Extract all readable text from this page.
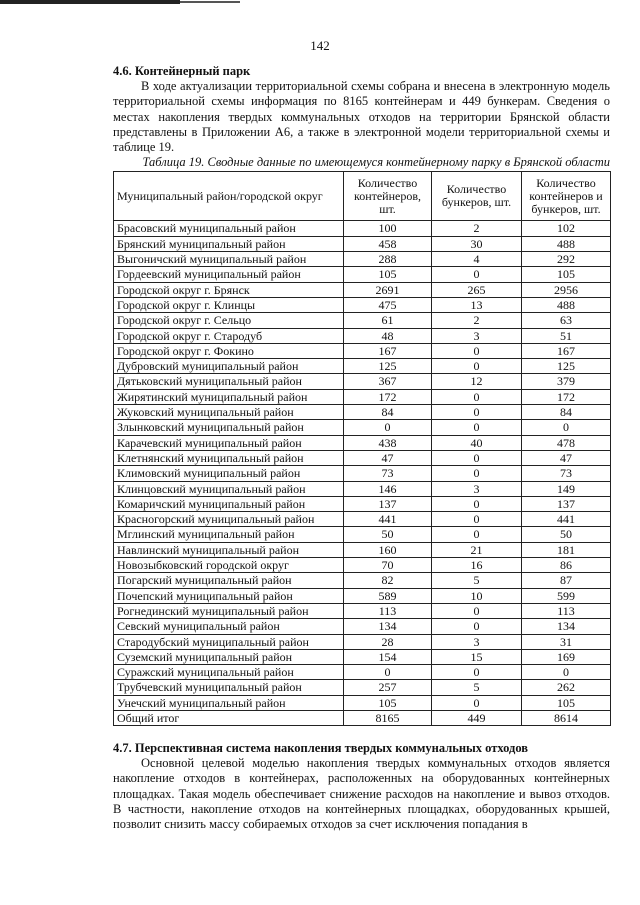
142
4.6. Контейнерный парк

В ходе актуализации территориальной схемы собрана и внесена в электронную модель территориальной схемы информация по 8165 контейнерам и 449 бункерам. Сведения о местах накопления твердых коммунальных отходов на территории Брянской области представлены в Приложении А6, а также в электронной модели территориальной схемы и таблице 19.

Таблица 19. Сводные данные по имеющемуся контейнерному парку в Брянской области

Муниципальный район/городской округ	Количество контейнеров, шт.	Количество бункеров, шт.	Количество контейнеров и бункеров, шт.
Брасовский муниципальный район	100	2	102
Брянский муниципальный район	458	30	488
Выгоничский муниципальный район	288	4	292
Гордеевский муниципальный район	105	0	105
Городской округ г. Брянск	2691	265	2956
Городской округ г. Клинцы	475	13	488
Городской округ г. Сельцо	61	2	63
Городской округ г. Стародуб	48	3	51
Городской округ г. Фокино	167	0	167
Дубровский муниципальный район	125	0	125
Дятьковский муниципальный район	367	12	379
Жирятинский муниципальный район	172	0	172
Жуковский муниципальный район	84	0	84
Злынковский муниципальный район	0	0	0
Карачевский муниципальный район	438	40	478
Клетнянский муниципальный район	47	0	47
Климовский муниципальный район	73	0	73
Клинцовский муниципальный район	146	3	149
Комаричский муниципальный район	137	0	137
Красногорский муниципальный район	441	0	441
Мглинский муниципальный район	50	0	50
Навлинский муниципальный район	160	21	181
Новозыбковский городской округ	70	16	86
Погарский муниципальный район	82	5	87
Почепский муниципальный район	589	10	599
Рогнединский муниципальный район	113	0	113
Севский муниципальный район	134	0	134
Стародубский муниципальный район	28	3	31
Суземский муниципальный район	154	15	169
Суражский муниципальный район	0	0	0
Трубчевский муниципальный район	257	5	262
Унечский муниципальный район	105	0	105
Общий итог	8165	449	8614
4.7. Перспективная система накопления твердых коммунальных отходов

Основной целевой моделью накопления твердых коммунальных отходов является накопление отходов в контейнерах, расположенных на оборудованных контейнерных площадках. Такая модель обеспечивает снижение расходов на накопление и вывоз отходов. В частности, накопление отходов на контейнерных площадках, оборудованных крышей, позволит снизить массу собираемых отходов за счет исключения попадания в
